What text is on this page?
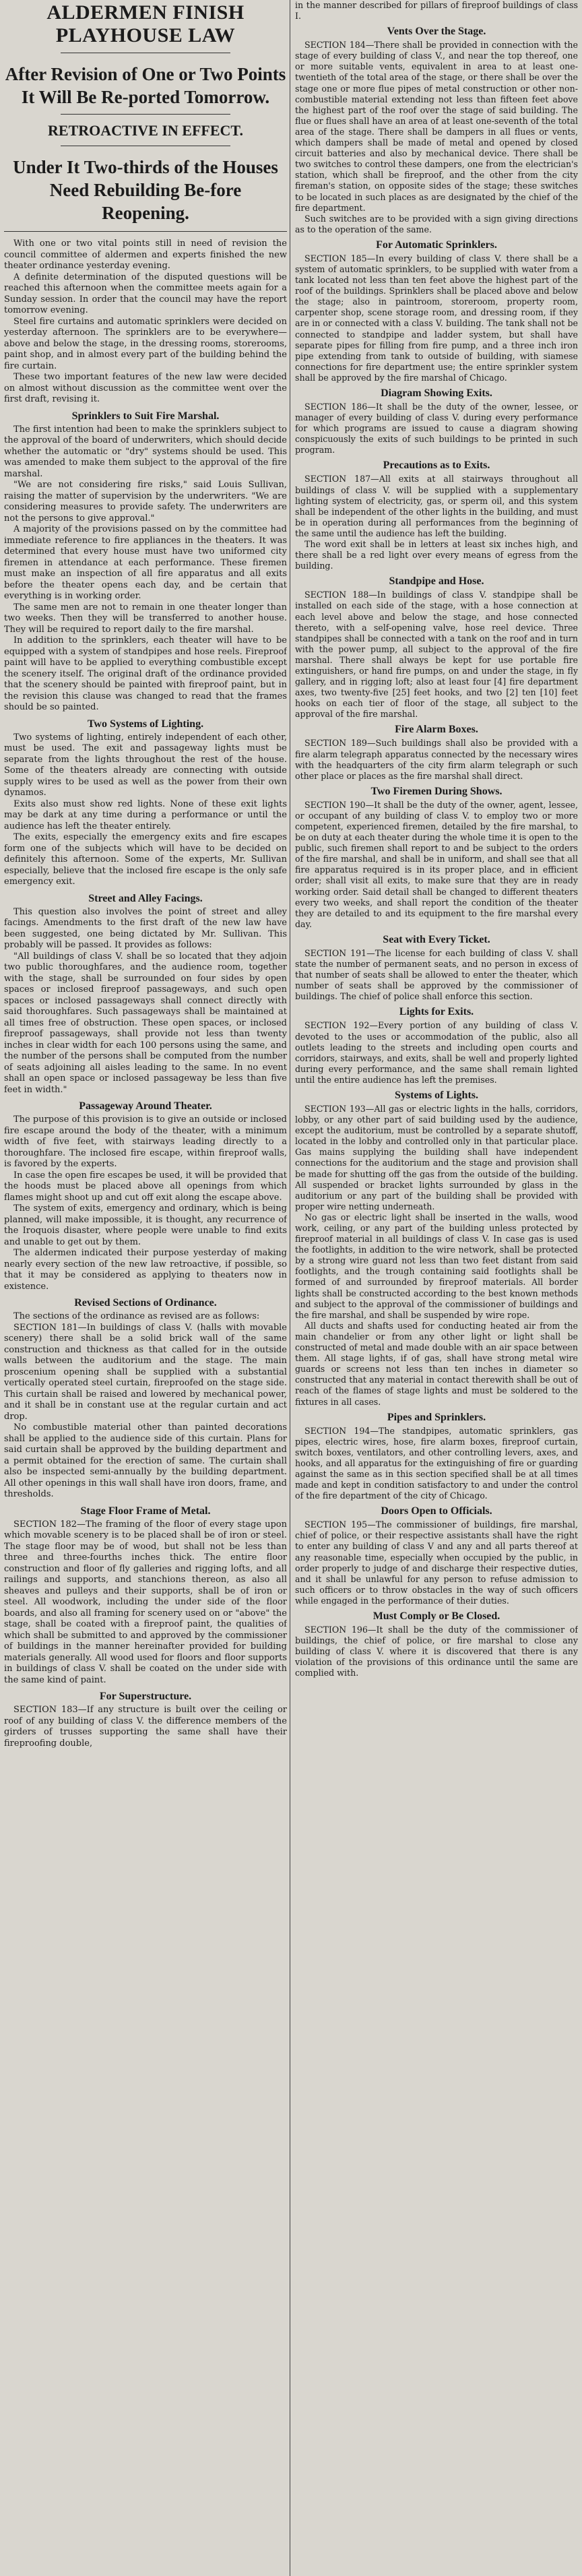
ALDERMEN FINISH PLAYHOUSE LAW
After Revision of One or Two Points It Will Be Re-ported Tomorrow.
RETROACTIVE IN EFFECT.
Under It Two-thirds of the Houses Need Rebuilding Be-fore Reopening.

With one or two vital points still in need of revision the council committee of aldermen and experts finished the new theater ordinance yesterday evening.

A definite determination of the disputed questions will be reached this afternoon when the committee meets again for a Sunday session. In order that the council may have the report tomorrow evening.

Steel fire curtains and automatic sprinklers were decided on yesterday afternoon. The sprinklers are to be everywhere—above and below the stage, in the dressing rooms, storerooms, paint shop, and in almost every part of the building behind the fire curtain.

These two important features of the new law were decided on almost without discussion as the committee went over the first draft, revising it.

Sprinklers to Suit Fire Marshal.

The first intention had been to make the sprinklers subject to the approval of the board of underwriters, which should decide whether the automatic or "dry" systems should be used. This was amended to make them subject to the approval of the fire marshal.

"We are not considering fire risks," said Louis Sullivan, raising the matter of supervision by the underwriters. "We are considering measures to provide safety. The underwriters are not the persons to give approval."

A majority of the provisions passed on by the committee had immediate reference to fire appliances in the theaters. It was determined that every house must have two uniformed city firemen in attendance at each performance. These firemen must make an inspection of all fire apparatus and all exits before the theater opens each day, and be certain that everything is in working order.

The same men are not to remain in one theater longer than two weeks. Then they will be transferred to another house. They will be required to report daily to the fire marshal.

In addition to the sprinklers, each theater will have to be equipped with a system of standpipes and hose reels. Fireproof paint will have to be applied to everything combustible except the scenery itself. The original draft of the ordinance provided that the scenery should be painted with fireproof paint, but in the revision this clause was changed to read that the frames should be so painted.

Two Systems of Lighting.

Two systems of lighting, entirely independent of each other, must be used. The exit and passageway lights must be separate from the lights throughout the rest of the house. Some of the theaters already are connecting with outside supply wires to be used as well as the power from their own dynamos.

Exits also must show red lights. None of these exit lights may be dark at any time during a performance or until the audience has left the theater entirely.

The exits, especially the emergency exits and fire escapes form one of the subjects which will have to be decided on definitely this afternoon. Some of the experts, Mr. Sullivan especially, believe that the inclosed fire escape is the only safe emergency exit.

Street and Alley Facings.

This question also involves the point of street and alley facings. Amendments to the first draft of the new law have been suggested, one being dictated by Mr. Sullivan. This probably will be passed. It provides as follows:

"All buildings of class V. shall be so located that they adjoin two public thoroughfares, and the audience room, together with the stage, shall be surrounded on four sides by open spaces or inclosed fireproof passageways, and such open spaces or inclosed passageways shall connect directly with said thoroughfares. Such passageways shall be maintained at all times free of obstruction. These open spaces, or inclosed fireproof passageways, shall provide not less than twenty inches in clear width for each 100 persons using the same, and the number of the persons shall be computed from the number of seats adjoining all aisles leading to the same. In no event shall an open space or inclosed passageway be less than five feet in width."

Passageway Around Theater.

The purpose of this provision is to give an outside or inclosed fire escape around the body of the theater, with a minimum width of five feet, with stairways leading directly to a thoroughfare. The inclosed fire escape, within fireproof walls, is favored by the experts.

In case the open fire escapes be used, it will be provided that the hoods must be placed above all openings from which flames might shoot up and cut off exit along the escape above.

The system of exits, emergency and ordinary, which is being planned, will make impossible, it is thought, any recurrence of the Iroquois disaster, where people were unable to find exits and unable to get out by them.

The aldermen indicated their purpose yesterday of making nearly every section of the new law retroactive, if possible, so that it may be considered as applying to theaters now in existence.

Revised Sections of Ordinance.

The sections of the ordinance as revised are as follows:

SECTION 181—In buildings of class V. (halls with movable scenery) there shall be a solid brick wall of the same construction and thickness as that called for in the outside walls between the auditorium and the stage. The main proscenium opening shall be supplied with a substantial vertically operated steel curtain, fireproofed on the stage side. This curtain shall be raised and lowered by mechanical power, and it shall be in constant use at the regular curtain and act drop.

No combustible material other than painted decorations shall be applied to the audience side of this curtain. Plans for said curtain shall be approved by the building department and a permit obtained for the erection of same. The curtain shall also be inspected semi-annually by the building department. All other openings in this wall shall have iron doors, frame, and thresholds.

Stage Floor Frame of Metal.

SECTION 182—The framing of the floor of every stage upon which movable scenery is to be placed shall be of iron or steel. The stage floor may be of wood, but shall not be less than three and three-fourths inches thick. The entire floor construction and floor of fly galleries and rigging lofts, and all railings and supports, and stanchions thereon, as also all sheaves and pulleys and their supports, shall be of iron or steel. All woodwork, including the under side of the floor boards, and also all framing for scenery used on or "above" the stage, shall be coated with a fireproof paint, the qualities of which shall be submitted to and approved by the commissioner of buildings in the manner hereinafter provided for building materials generally. All wood used for floors and floor supports in buildings of class V. shall be coated on the under side with the same kind of paint.

For Superstructure.

SECTION 183—If any structure is built over the ceiling or roof of any building of class V. the difference members of the girders of trusses supporting the same shall have their fireproofing double,

in the manner described for pillars of fireproof buildings of class I.

Vents Over the Stage.

SECTION 184—There shall be provided in connection with the stage of every building of class V., and near the top thereof, one or more suitable vents, equivalent in area to at least one-twentieth of the total area of the stage, or there shall be over the stage one or more flue pipes of metal construction or other non-combustible material extending not less than fifteen feet above the highest part of the roof over the stage of said building. The flue or flues shall have an area of at least one-seventh of the total area of the stage. There shall be dampers in all flues or vents, which dampers shall be made of metal and opened by closed circuit batteries and also by mechanical device. There shall be two switches to control these dampers, one from the electrician's station, which shall be fireproof, and the other from the city fireman's station, on opposite sides of the stage; these switches to be located in such places as are designated by the chief of the fire department.

Such switches are to be provided with a sign giving directions as to the operation of the same.

For Automatic Sprinklers.

SECTION 185—In every building of class V. there shall be a system of automatic sprinklers, to be supplied with water from a tank located not less than ten feet above the highest part of the roof of the buildings. Sprinklers shall be placed above and below the stage; also in paintroom, storeroom, property room, carpenter shop, scene storage room, and dressing room, if they are in or connected with a class V. building. The tank shall not be connected to standpipe and ladder system, but shall have separate pipes for filling from fire pump, and a three inch iron pipe extending from tank to outside of building, with siamese connections for fire department use; the entire sprinkler system shall be approved by the fire marshal of Chicago.

Diagram Showing Exits.

SECTION 186—It shall be the duty of the owner, lessee, or manager of every building of class V. during every performance for which programs are issued to cause a diagram showing conspicuously the exits of such buildings to be printed in such program.

Precautions as to Exits.

SECTION 187—All exits at all stairways throughout all buildings of class V. will be supplied with a supplementary lighting system of electricity, gas, or sperm oil, and this system shall be independent of the other lights in the building, and must be in operation during all performances from the beginning of the same until the audience has left the building.

The word exit shall be in letters at least six inches high, and there shall be a red light over every means of egress from the building.

Standpipe and Hose.

SECTION 188—In buildings of class V. standpipe shall be installed on each side of the stage, with a hose connection at each level above and below the stage, and hose connected thereto, with a self-opening valve, hose reel device. Three standpipes shall be connected with a tank on the roof and in turn with the power pump, all subject to the approval of the fire marshal. There shall always be kept for use portable fire extinguishers, or hand fire pumps, on and under the stage, in fly gallery, and in rigging loft; also at least four [4] fire department axes, two twenty-five [25] feet hooks, and two [2] ten [10] feet hooks on each tier of floor of the stage, all subject to the approval of the fire marshal.

Fire Alarm Boxes.

SECTION 189—Such buildings shall also be provided with a fire alarm telegraph apparatus connected by the necessary wires with the headquarters of the city firm alarm telegraph or such other place or places as the fire marshal shall direct.

Two Firemen During Shows.

SECTION 190—It shall be the duty of the owner, agent, lessee, or occupant of any building of class V. to employ two or more competent, experienced firemen, detailed by the fire marshal, to be on duty at each theater during the whole time it is open to the public, such firemen shall report to and be subject to the orders of the fire marshal, and shall be in uniform, and shall see that all fire apparatus required is in its proper place, and in efficient order; shall visit all exits, to make sure that they are in ready working order. Said detail shall be changed to different theaters every two weeks, and shall report the condition of the theater they are detailed to and its equipment to the fire marshal every day.

Seat with Every Ticket.

SECTION 191—The license for each building of class V. shall state the number of permanent seats, and no person in excess of that number of seats shall be allowed to enter the theater, which number of seats shall be approved by the commissioner of buildings. The chief of police shall enforce this section.

Lights for Exits.

SECTION 192—Every portion of any building of class V. devoted to the uses or accommodation of the public, also all outlets leading to the streets and including open courts and corridors, stairways, and exits, shall be well and properly lighted during every performance, and the same shall remain lighted until the entire audience has left the premises.

Systems of Lights.

SECTION 193—All gas or electric lights in the halls, corridors, lobby, or any other part of said building used by the audience, except the auditorium, must be controlled by a separate shutoff, located in the lobby and controlled only in that particular place. Gas mains supplying the building shall have independent connections for the auditorium and the stage and provision shall be made for shutting off the gas from the outside of the building. All suspended or bracket lights surrounded by glass in the auditorium or any part of the building shall be provided with proper wire netting underneath.

No gas or electric light shall be inserted in the walls, wood work, ceiling, or any part of the building unless protected by fireproof material in all buildings of class V. In case gas is used the footlights, in addition to the wire network, shall be protected by a strong wire guard not less than two feet distant from said footlights, and the trough containing said footlights shall be formed of and surrounded by fireproof materials. All border lights shall be constructed according to the best known methods and subject to the approval of the commissioner of buildings and the fire marshal, and shall be suspended by wire rope.

All ducts and shafts used for conducting heated air from the main chandelier or from any other light or light shall be constructed of metal and made double with an air space between them. All stage lights, if of gas, shall have strong metal wire guards or screens not less than ten inches in diameter so constructed that any material in contact therewith shall be out of reach of the flames of stage lights and must be soldered to the fixtures in all cases.

Pipes and Sprinklers.

SECTION 194—The standpipes, automatic sprinklers, gas pipes, electric wires, hose, fire alarm boxes, fireproof curtain, switch boxes, ventilators, and other controlling levers, axes, and hooks, and all apparatus for the extinguishing of fire or guarding against the same as in this section specified shall be at all times made and kept in condition satisfactory to and under the control of the fire department of the city of Chicago.

Doors Open to Officials.

SECTION 195—The commissioner of buildings, fire marshal, chief of police, or their respective assistants shall have the right to enter any building of class V and any and all parts thereof at any reasonable time, especially when occupied by the public, in order properly to judge of and discharge their respective duties, and it shall be unlawful for any person to refuse admission to such officers or to throw obstacles in the way of such officers while engaged in the performance of their duties.

Must Comply or Be Closed.

SECTION 196—It shall be the duty of the commissioner of buildings, the chief of police, or fire marshal to close any building of class V. where it is discovered that there is any violation of the provisions of this ordinance until the same are complied with.
